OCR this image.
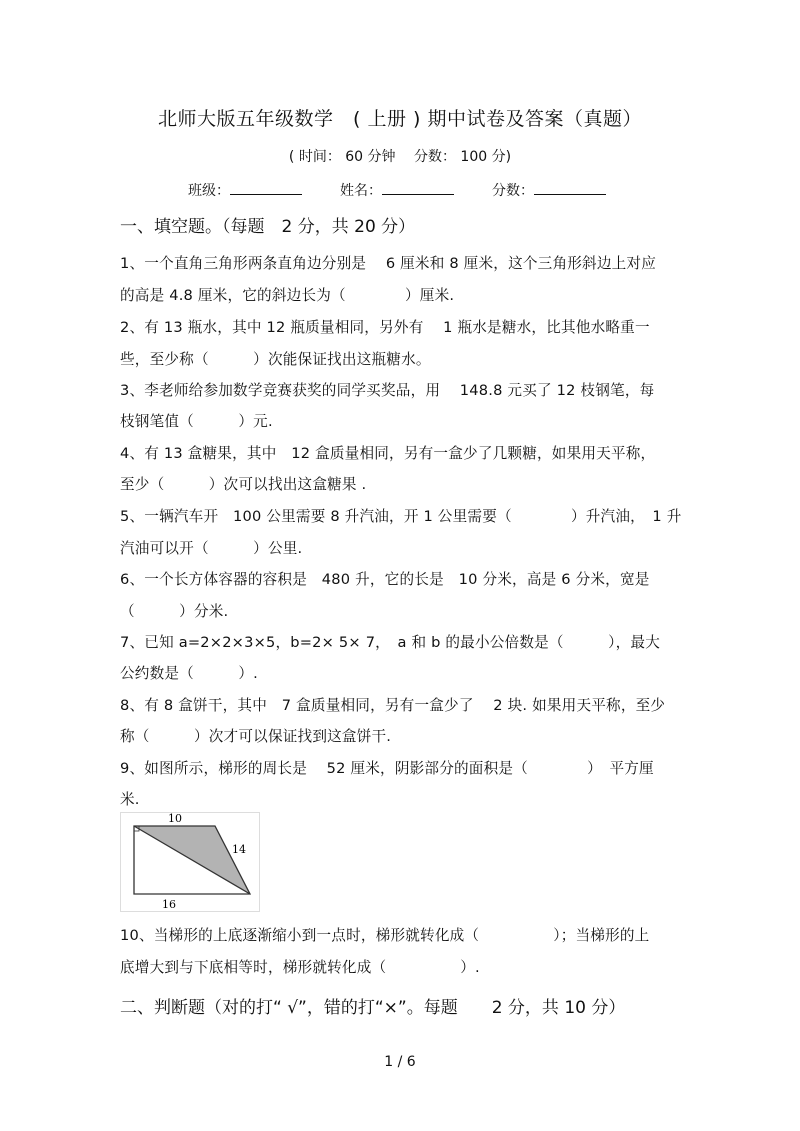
北师大版五年级数学　( 上册 ) 期中试卷及答案（真题）
( 时间： 60 分钟　 分数： 100 分)
班级：	姓名：	分数：
一、填空题。（每题　2 分，共 20 分）
1、一个直角三角形两条直角边分别是　 6 厘米和 8 厘米，这个三角形斜边上对应
的高是 4.8 厘米，它的斜边长为（　　　　）厘米.
2、有 13 瓶水，其中 12 瓶质量相同，另外有　 1 瓶水是糖水，比其他水略重一
些，至少称（　　　）次能保证找出这瓶糖水。
3、李老师给参加数学竞赛获奖的同学买奖品，用　 148.8 元买了 12 枝钢笔，每
枝钢笔值（　　　）元.
4、有 13 盒糖果，其中　12 盒质量相同，另有一盒少了几颗糖，如果用天平称，
至少（　　　）次可以找出这盒糖果 .
5、一辆汽车开　100 公里需要 8 升汽油，开 1 公里需要（　　　　）升汽油，　1 升
汽油可以开（　　　）公里.
6、一个长方体容器的容积是　480 升，它的长是　10 分米，高是 6 分米，宽是
（　　　）分米.
7、已知 a=2×2×3×5，b=2× 5× 7，　a 和 b 的最小公倍数是（　　　），最大
公约数是（　　　）.
8、有 8 盒饼干，其中　7 盒质量相同，另有一盒少了　 2 块. 如果用天平称，至少
称（　　　）次才可以保证找到这盒饼干.
9、如图所示，梯形的周长是　 52 厘米，阴影部分的面积是（　　　　）　平方厘
米.
10
14
16
10、当梯形的上底逐渐缩小到一点时，梯形就转化成（　　　　　）；当梯形的上
底增大到与下底相等时，梯形就转化成（　　　　　）.
二、判断题（对的打“ √”，错的打“×”。每题　　2 分，共 10 分）
1 / 6
